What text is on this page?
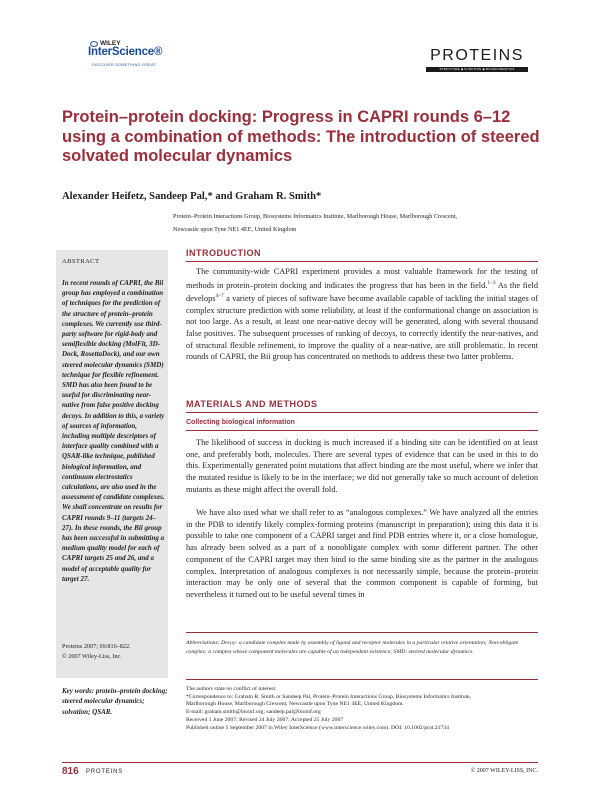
WILEY
InterScience®
DISCOVER SOMETHING GREAT
PROTEINS
STRUCTURE ◆ FUNCTION ◆ BIOINFORMATICS
Protein–protein docking: Progress in CAPRI rounds 6–12 using a combination of methods: The introduction of steered solvated molecular dynamics
Alexander Heifetz, Sandeep Pal,* and Graham R. Smith*
Protein–Protein Interactions Group, Biosystems Informatics Institute, Marlborough House, Marlborough Crescent,
Newcastle upon Tyne NE1 4EE, United Kingdom
ABSTRACT

In recent rounds of CAPRI, the Bii group has employed a combination of techniques for the prediction of the structure of protein–protein complexes. We currently use third-party software for rigid-body and semiflexible docking (MolFit, 3D-Dock, RosettaDock), and our own steered molecular dynamics (SMD) technique for flexible refinement. SMD has also been found to be useful for discriminating near-native from false positive docking decoys. In addition to this, a variety of sources of information, including multiple descriptors of interface quality combined with a QSAR-like technique, published biological information, and continuum electrostatics calculations, are also used in the assessment of candidate complexes. We shall concentrate on results for CAPRI rounds 9–11 (targets 24–27). In these rounds, the Bii group has been successful in submitting a medium quality model for each of CAPRI targets 25 and 26, and a model of acceptable quality for target 27.

Proteins 2007; 69:816–822.
© 2007 Wiley-Liss, Inc.
Key words: protein–protein docking; steered molecular dynamics; solvation; QSAR.
INTRODUCTION

The community-wide CAPRI experiment provides a most valuable framework for the testing of methods in protein–protein docking and indicates the progress that has been in the field.$^{1-3}$ As the field develops$^{4-7}$ a variety of pieces of software have become available capable of tackling the initial stages of complex structure prediction with some reliability, at least if the conformational change on association is not too large. As a result, at least one near-native decoy will be generated, along with several thousand false positives. The subsequent processes of ranking of decoys, to correctly identify the near-natives, and of structural flexible refinement, to improve the quality of a near-native, are still problematic. In recent rounds of CAPRI, the Bii group has concentrated on methods to address these two latter problems.

MATERIALS AND METHODS
Collecting biological information

The likelihood of success in docking is much increased if a binding site can be identified on at least one, and preferably both, molecules. There are several types of evidence that can be used in this to do this. Experimentally generated point mutations that affect binding are the most useful, where we infer that the mutated residue is likely to be in the interface; we did not generally take so much account of deletion mutants as these might affect the overall fold.

We have also used what we shall refer to as “analogous complexes.” We have analyzed all the entries in the PDB to identify likely complex-forming proteins (manuscript in preparation); using this data it is possible to take one component of a CAPRI target and find PDB entries where it, or a close homologue, has already been solved as a part of a nonobligate complex with some different partner. The other component of the CAPRI target may then bind to the same binding site as the partner in the analogous complex. Interpretation of analogous complexes is not necessarily simple, because the protein–protein interaction may be only one of several that the common component is capable of forming, but nevertheless it turned out to be useful several times in

Abbreviations: Decoy: a candidate complex made by assembly of ligand and receptor molecules in a particular relative orientation; Non-obligate complex: a complex whose component molecules are capable of an independent existence; SMD: steered molecular dynamics.
The authors state no conflict of interest.
*Correspondence to: Graham R. Smith or Sandeep Pal, Protein–Protein Interactions Group, Biosystems Informatics Institute,
Marlborough House, Marlborough Crescent, Newcastle upon Tyne NE1 4EE, United Kingdom.
E-mail: graham.smith@bioinf.org; sandeep.pal@bioinf.org
Received 1 June 2007; Revised 24 July 2007; Accepted 25 July 2007
Published online 5 September 2007 in Wiley InterScience (www.interscience.wiley.com). DOI: 10.1002/prot.21734
816 PROTEINS	© 2007 WILEY-LISS, INC.
